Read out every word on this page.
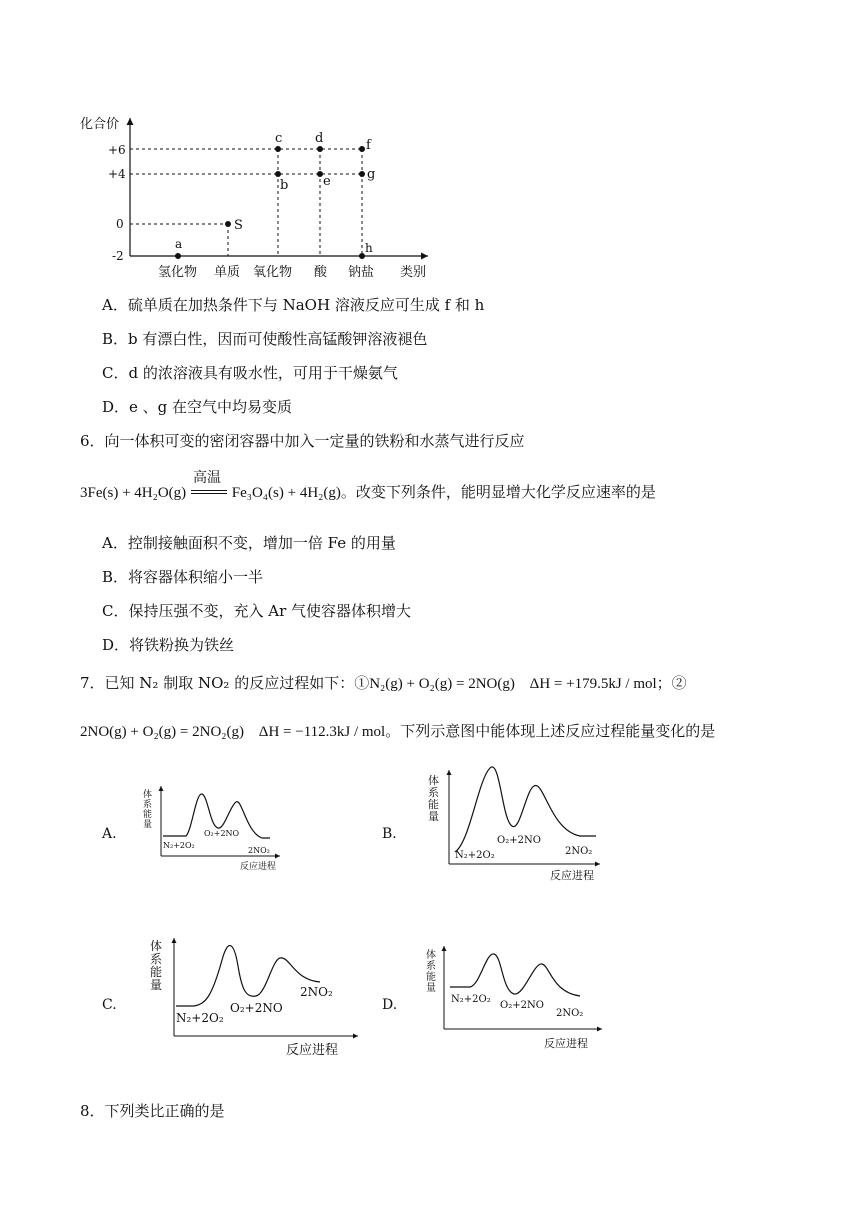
化合价
类别
+6
+4
0
-2
氢化物 单质 氧化物 酸 钠盐
a
S
c
b
d
e
f
g
h
A．硫单质在加热条件下与 NaOH 溶液反应可生成 f 和 h
B．b 有漂白性，因而可使酸性高锰酸钾溶液褪色
C．d 的浓溶液具有吸水性，可用于干燥氨气
D．e 、g 在空气中均易变质
6．向一体积可变的密闭容器中加入一定量的铁粉和水蒸气进行反应
3Fe(s) + 4H₂O(g)
高温
Fe₃O₄(s) + 4H₂(g)。改变下列条件，能明显增大化学反应速率的是
A．控制接触面积不变，增加一倍 Fe 的用量
B．将容器体积缩小一半
C．保持压强不变，充入 Ar 气使容器体积增大
D．将铁粉换为铁丝
7．已知 N₂ 制取 NO₂ 的反应过程如下：①N₂(g) + O₂(g) = 2NO(g) ΔH = +179.5kJ / mol；②
2NO(g) + O₂(g) = 2NO₂(g) ΔH = −112.3kJ / mol。下列示意图中能体现上述反应过程能量变化的是
A.
体系能量
N₂+2O₂
O₂+2NO
2NO₂
反应进程
B.
体系能量
N₂+2O₂
O₂+2NO
2NO₂
反应进程
C.
体系能量
N₂+2O₂
O₂+2NO
2NO₂
反应进程
D.
体系能量
N₂+2O₂
O₂+2NO
2NO₂
反应进程
8．下列类比正确的是
